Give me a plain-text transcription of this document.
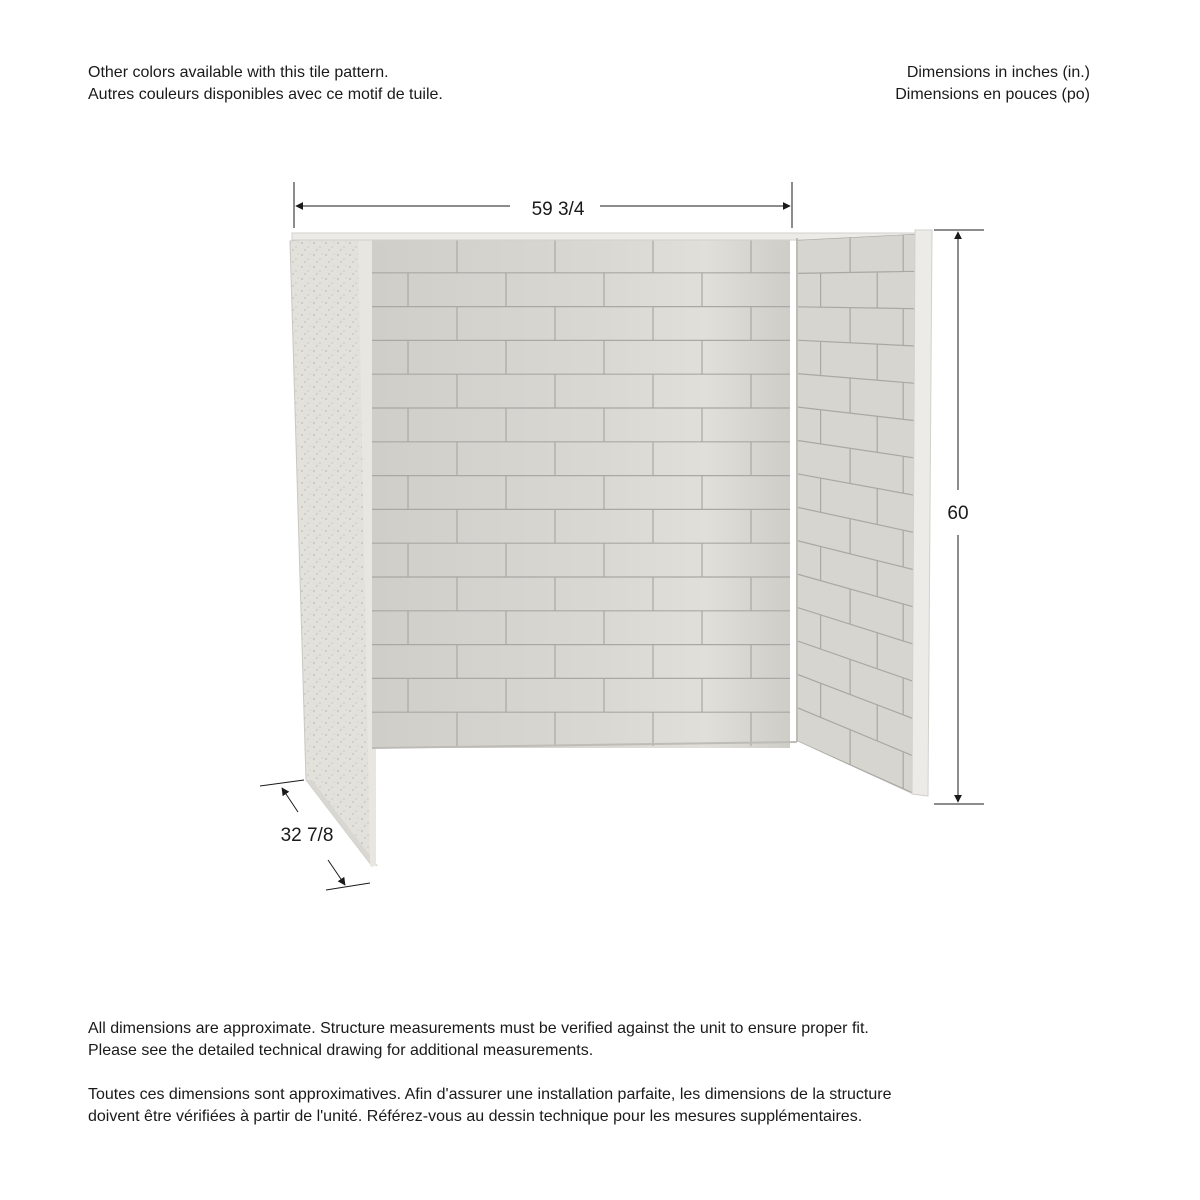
Other colors available with this tile pattern.

Autres couleurs disponibles avec ce motif de tuile.

Dimensions in inches (in.)

Dimensions en pouces (po)

59 3/4
60
32 7/8

All dimensions are approximate. Structure measurements must be verified against the unit to ensure proper fit.

Please see the detailed technical drawing for additional measurements.

Toutes ces dimensions sont approximatives. Afin d'assurer une installation parfaite, les dimensions de la structure

doivent être vérifiées à partir de l'unité. Référez-vous au dessin technique pour les mesures supplémentaires.
